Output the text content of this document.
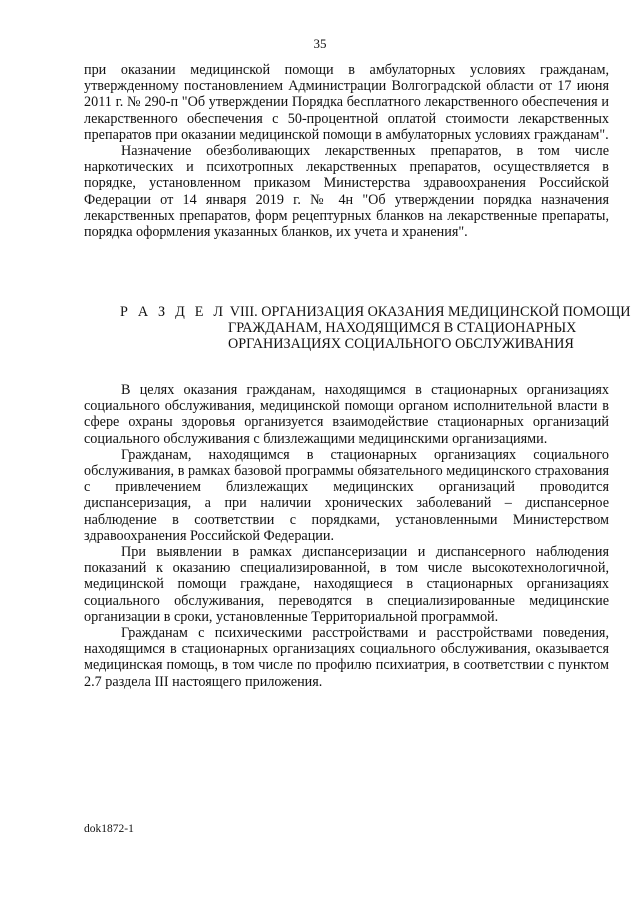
35

при оказании медицинской помощи в амбулаторных условиях гражданам, утвержденному постановлением Администрации Волгоградской области от 17 июня 2011 г. № 290-п "Об утверждении Порядка бесплатного лекарственного обеспечения и лекарственного обеспечения с 50-процентной оплатой стоимости лекарственных препаратов при оказании медицинской помощи в амбулаторных условиях гражданам".

Назначение обезболивающих лекарственных препаратов, в том числе наркотических и психотропных лекарственных препаратов, осуществляется в порядке, установленном приказом Министерства здравоохранения Российской Федерации от 14 января 2019 г. № 4н "Об утверждении порядка назначения лекарственных препаратов, форм рецептурных бланков на лекарственные препараты, порядка оформления указанных бланков, их учета и хранения".

Р А З Д Е Л VIII. ОРГАНИЗАЦИЯ ОКАЗАНИЯ МЕДИЦИНСКОЙ ПОМОЩИ
ГРАЖДАНАМ, НАХОДЯЩИМСЯ В СТАЦИОНАРНЫХ
ОРГАНИЗАЦИЯХ СОЦИАЛЬНОГО ОБСЛУЖИВАНИЯ

В целях оказания гражданам, находящимся в стационарных организациях социального обслуживания, медицинской помощи органом исполнительной власти в сфере охраны здоровья организуется взаимодействие стационарных организаций социального обслуживания с близлежащими медицинскими организациями.

Гражданам, находящимся в стационарных организациях социального обслуживания, в рамках базовой программы обязательного медицинского страхования с привлечением близлежащих медицинских организаций проводится диспансеризация, а при наличии хронических заболеваний – диспансерное наблюдение в соответствии с порядками, установленными Министерством здравоохранения Российской Федерации.

При выявлении в рамках диспансеризации и диспансерного наблюдения показаний к оказанию специализированной, в том числе высокотехнологичной, медицинской помощи граждане, находящиеся в стационарных организациях социального обслуживания, переводятся в специализированные медицинские организации в сроки, установленные Территориальной программой.

Гражданам с психическими расстройствами и расстройствами поведения, находящимся в стационарных организациях социального обслуживания, оказывается медицинская помощь, в том числе по профилю психиатрия, в соответствии с пунктом 2.7 раздела III настоящего приложения.

dok1872-1
